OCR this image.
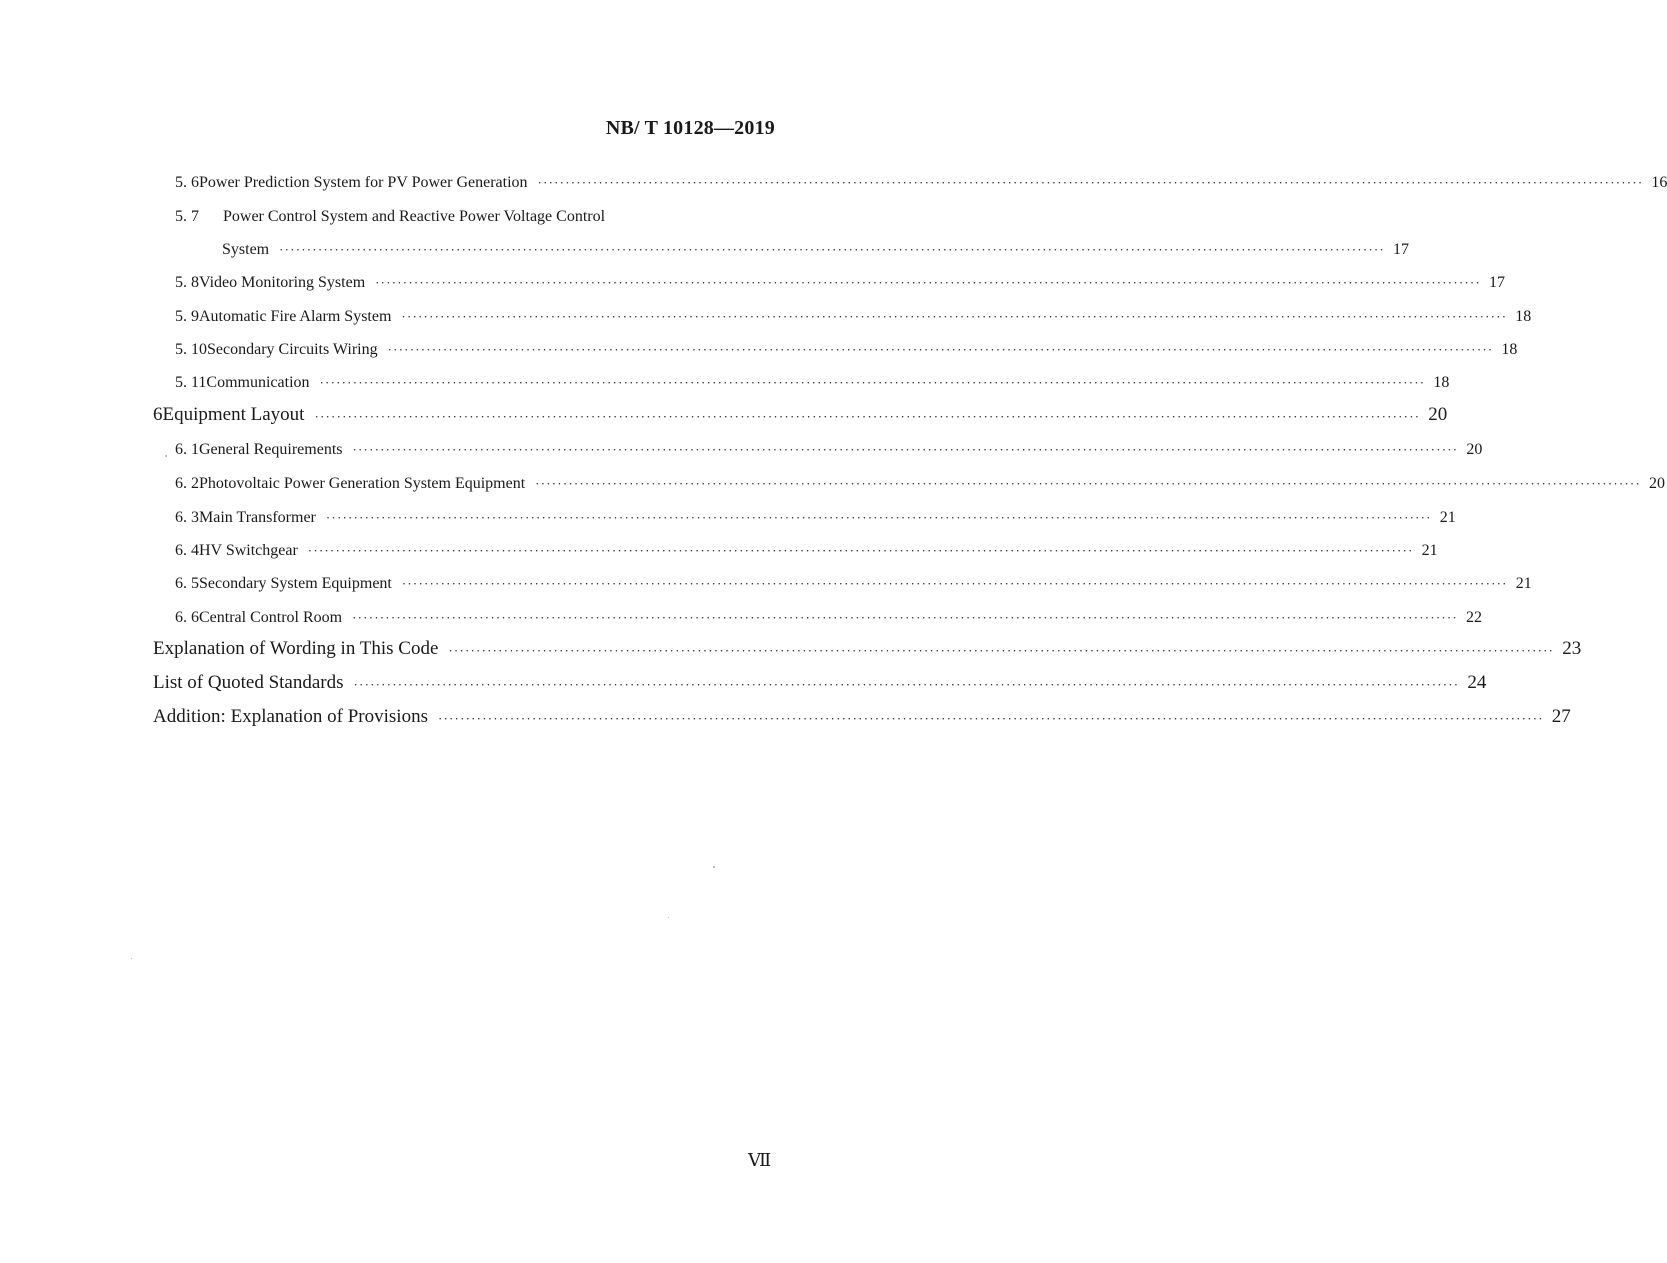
NB/ T 10128—2019
5. 6 Power Prediction System for PV Power Generation ········································································································································································································ 16
5. 7	Power Control System and Reactive Power Voltage Control
System ········································································································································································································ 17
5. 8 Video Monitoring System ········································································································································································································ 17
5. 9 Automatic Fire Alarm System ········································································································································································································ 18
5. 10 Secondary Circuits Wiring ········································································································································································································ 18
5. 11 Communication ········································································································································································································ 18
6 Equipment Layout ········································································································································································································ 20
6. 1 General Requirements ········································································································································································································ 20
6. 2 Photovoltaic Power Generation System Equipment ········································································································································································································ 20
6. 3 Main Transformer ········································································································································································································ 21
6. 4 HV Switchgear ········································································································································································································ 21
6. 5 Secondary System Equipment ········································································································································································································ 21
6. 6 Central Control Room ········································································································································································································ 22
Explanation of Wording in This Code ········································································································································································································ 23
List of Quoted Standards ········································································································································································································ 24
Addition: Explanation of Provisions ········································································································································································································ 27
Ⅶ
